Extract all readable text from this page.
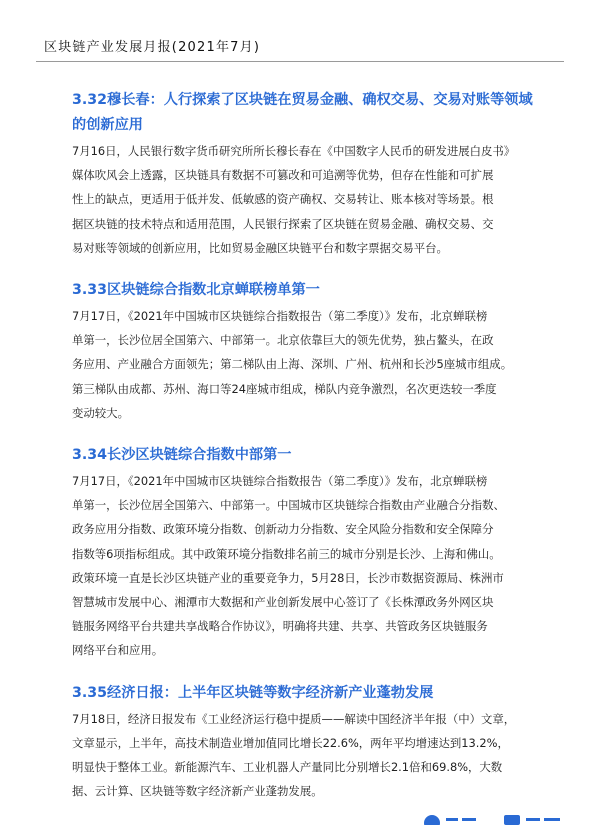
区块链产业发展月报(2021年7月)
3.32穆长春：人行探索了区块链在贸易金融、确权交易、交易对账等领域
的创新应用
7月16日，人民银行数字货币研究所所长穆长春在《中国数字人民币的研发进展白皮书》
媒体吹风会上透露，区块链具有数据不可篡改和可追溯等优势，但存在性能和可扩展
性上的缺点，更适用于低并发、低敏感的资产确权、交易转让、账本核对等场景。根
据区块链的技术特点和适用范围，人民银行探索了区块链在贸易金融、确权交易、交
易对账等领域的创新应用，比如贸易金融区块链平台和数字票据交易平台。
3.33区块链综合指数北京蝉联榜单第一
7月17日，《2021年中国城市区块链综合指数报告（第二季度）》发布，北京蝉联榜
单第一，长沙位居全国第六、中部第一。北京依靠巨大的领先优势，独占鳌头，在政
务应用、产业融合方面领先；第二梯队由上海、深圳、广州、杭州和长沙5座城市组成。
第三梯队由成都、苏州、海口等24座城市组成，梯队内竞争激烈，名次更迭较一季度
变动较大。
3.34长沙区块链综合指数中部第一
7月17日，《2021年中国城市区块链综合指数报告（第二季度）》发布，北京蝉联榜
单第一，长沙位居全国第六、中部第一。中国城市区块链综合指数由产业融合分指数、
政务应用分指数、政策环境分指数、创新动力分指数、安全风险分指数和安全保障分
指数等6项指标组成。其中政策环境分指数排名前三的城市分别是长沙、上海和佛山。
政策环境一直是长沙区块链产业的重要竞争力，5月28日，长沙市数据资源局、株洲市
智慧城市发展中心、湘潭市大数据和产业创新发展中心签订了《长株潭政务外网区块
链服务网络平台共建共享战略合作协议》，明确将共建、共享、共管政务区块链服务
网络平台和应用。
3.35经济日报：上半年区块链等数字经济新产业蓬勃发展
7月18日，经济日报发布《工业经济运行稳中提质——解读中国经济半年报（中）文章，
文章显示，上半年，高技术制造业增加值同比增长22.6%，两年平均增速达到13.2%，
明显快于整体工业。新能源汽车、工业机器人产量同比分别增长2.1倍和69.8%，大数
据、云计算、区块链等数字经济新产业蓬勃发展。
